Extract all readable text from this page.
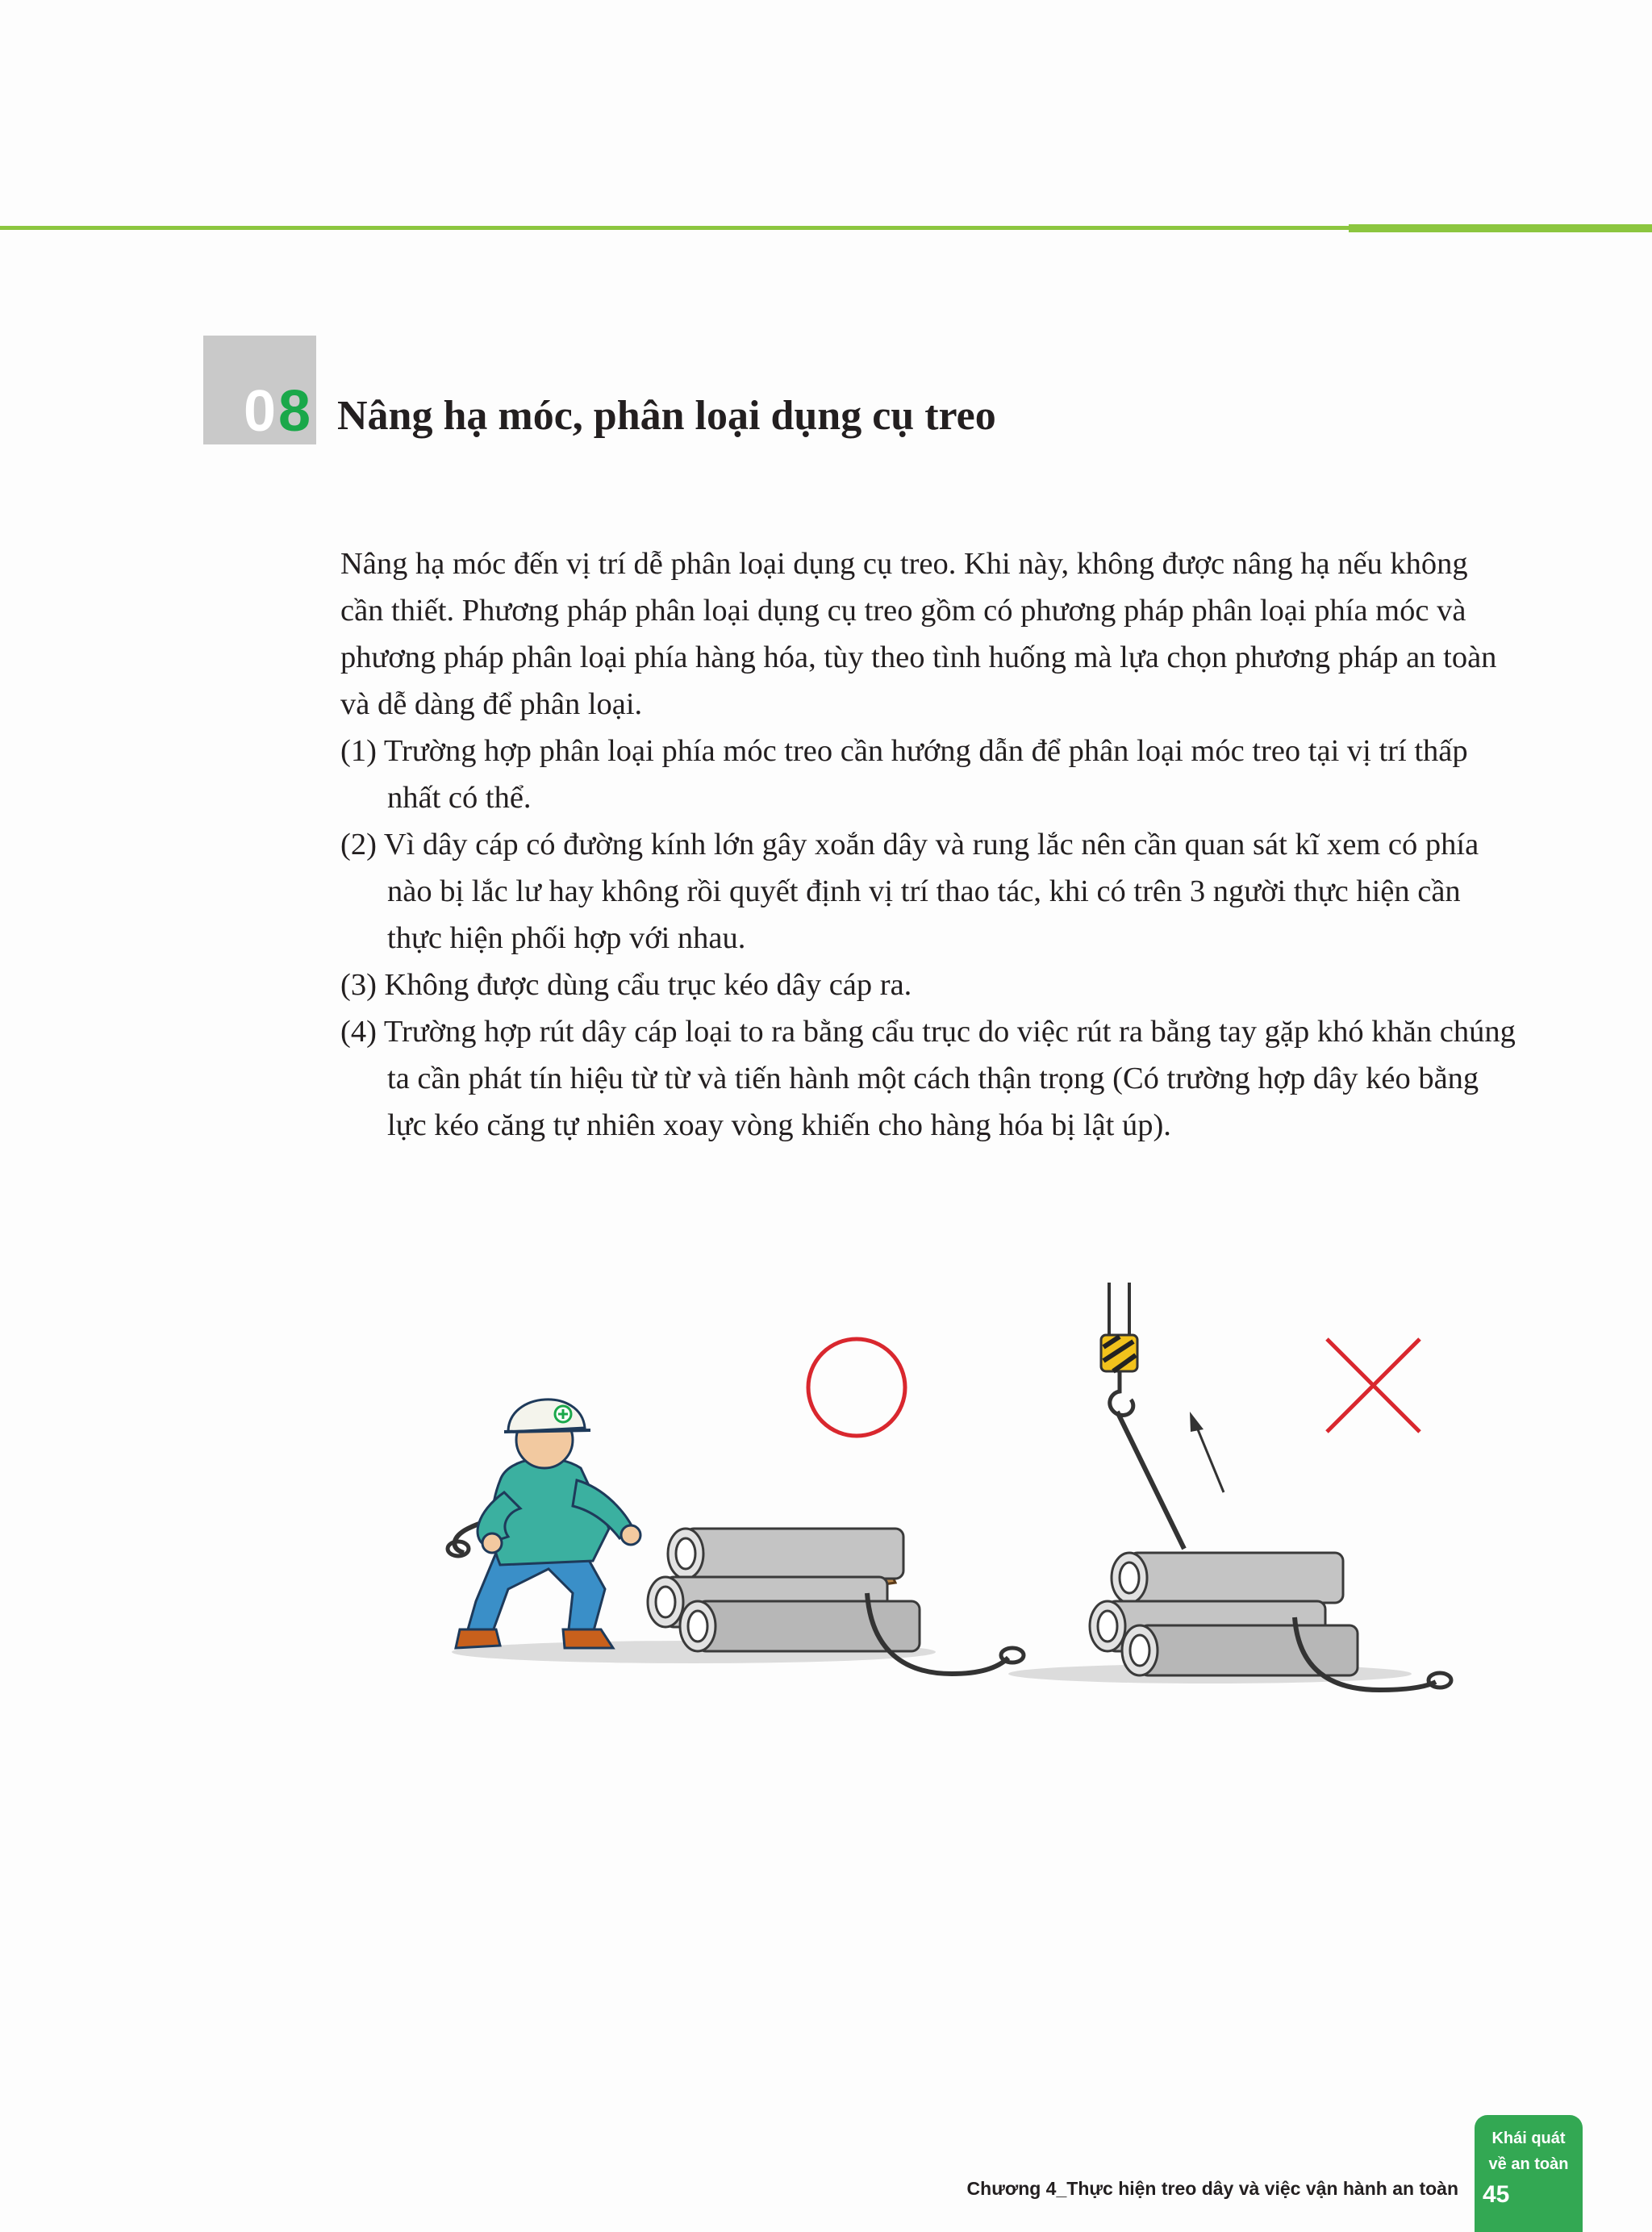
0 8 Nâng hạ móc, phân loại dụng cụ treo

Nâng hạ móc đến vị trí dễ phân loại dụng cụ treo. Khi này, không được nâng hạ nếu không cần thiết. Phương pháp phân loại dụng cụ treo gồm có phương pháp phân loại phía móc và phương pháp phân loại phía hàng hóa, tùy theo tình huống mà lựa chọn phương pháp an toàn và dễ dàng để phân loại.

(1) Trường hợp phân loại phía móc treo cần hướng dẫn để phân loại móc treo tại vị trí thấp nhất có thể.

(2) Vì dây cáp có đường kính lớn gây xoắn dây và rung lắc nên cần quan sát kĩ xem có phía nào bị lắc lư hay không rồi quyết định vị trí thao tác, khi có trên 3 người thực hiện cần thực hiện phối hợp với nhau.

(3) Không được dùng cẩu trục kéo dây cáp ra.

(4) Trường hợp rút dây cáp loại to ra bằng cẩu trục do việc rút ra bằng tay gặp khó khăn chúng ta cần phát tín hiệu từ từ và tiến hành một cách thận trọng (Có trường hợp dây kéo bằng lực kéo căng tự nhiên xoay vòng khiến cho hàng hóa bị lật úp).

Chương 4_Thực hiện treo dây và việc vận hành an toàn
Khái quát
về an toàn
45
